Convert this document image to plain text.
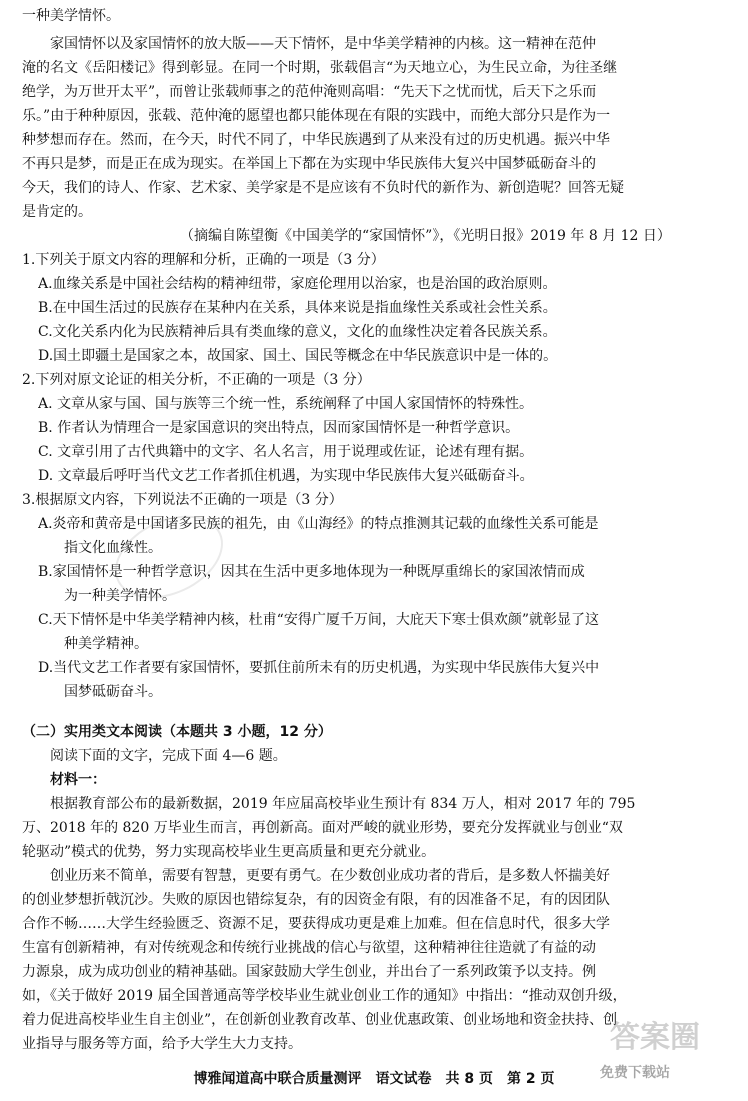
一种美学情怀。
家国情怀以及家国情怀的放大版——天下情怀，是中华美学精神的内核。这一精神在范仲
淹的名文《岳阳楼记》得到彰显。在同一个时期，张载倡言“为天地立心，为生民立命，为往圣继
绝学，为万世开太平”，而曾让张载师事之的范仲淹则高唱：“先天下之忧而忧，后天下之乐而
乐。”由于种种原因，张载、范仲淹的愿望也都只能体现在有限的实践中，而绝大部分只是作为一
种梦想而存在。然而，在今天，时代不同了，中华民族遇到了从来没有过的历史机遇。振兴中华
不再只是梦，而是正在成为现实。在举国上下都在为实现中华民族伟大复兴中国梦砥砺奋斗的
今天，我们的诗人、作家、艺术家、美学家是不是应该有不负时代的新作为、新创造呢？回答无疑
是肯定的。
（摘编自陈望衡《中国美学的“家国情怀”》，《光明日报》2019 年 8 月 12 日）
1.下列关于原文内容的理解和分析，正确的一项是（3 分）
A.血缘关系是中国社会结构的精神纽带，家庭伦理用以治家，也是治国的政治原则。
B.在中国生活过的民族存在某种内在关系，具体来说是指血缘性关系或社会性关系。
C.文化关系内化为民族精神后具有类血缘的意义，文化的血缘性决定着各民族关系。
D.国土即疆土是国家之本，故国家、国土、国民等概念在中华民族意识中是一体的。
2.下列对原文论证的相关分析，不正确的一项是（3 分）
A. 文章从家与国、国与族等三个统一性，系统阐释了中国人家国情怀的特殊性。
B. 作者认为情理合一是家国意识的突出特点，因而家国情怀是一种哲学意识。
C. 文章引用了古代典籍中的文字、名人名言，用于说理或佐证，论述有理有据。
D. 文章最后呼吁当代文艺工作者抓住机遇，为实现中华民族伟大复兴砥砺奋斗。
3.根据原文内容，下列说法不正确的一项是（3 分）
A.炎帝和黄帝是中国诸多民族的祖先，由《山海经》的特点推测其记载的血缘性关系可能是
指文化血缘性。
B.家国情怀是一种哲学意识，因其在生活中更多地体现为一种既厚重绵长的家国浓情而成
为一种美学情怀。
C.天下情怀是中华美学精神内核，杜甫“安得广厦千万间，大庇天下寒士俱欢颜”就彰显了这
种美学精神。
D.当代文艺工作者要有家国情怀，要抓住前所未有的历史机遇，为实现中华民族伟大复兴中
国梦砥砺奋斗。
（二）实用类文本阅读（本题共 3 小题，12 分）
阅读下面的文字，完成下面 4—6 题。
材料一：
根据教育部公布的最新数据，2019 年应届高校毕业生预计有 834 万人，相对 2017 年的 795
万、2018 年的 820 万毕业生而言，再创新高。面对严峻的就业形势，要充分发挥就业与创业“双
轮驱动”模式的优势，努力实现高校毕业生更高质量和更充分就业。
创业历来不简单，需要有智慧，更要有勇气。在少数创业成功者的背后，是多数人怀揣美好
的创业梦想折戟沉沙。失败的原因也错综复杂，有的因资金有限，有的因准备不足，有的因团队
合作不畅……大学生经验匮乏、资源不足，要获得成功更是难上加难。但在信息时代，很多大学
生富有创新精神，有对传统观念和传统行业挑战的信心与欲望，这种精神往往造就了有益的动
力源泉，成为成功创业的精神基础。国家鼓励大学生创业，并出台了一系列政策予以支持。例
如，《关于做好 2019 届全国普通高等学校毕业生就业创业工作的通知》中指出：“推动双创升级，
着力促进高校毕业生自主创业”，在创新创业教育改革、创业优惠政策、创业场地和资金扶持、创
业指导与服务等方面，给予大学生大力支持。
博雅闻道高中联合质量测评　语文试卷　共 8 页　第 2 页
答案圈
免费下载站
